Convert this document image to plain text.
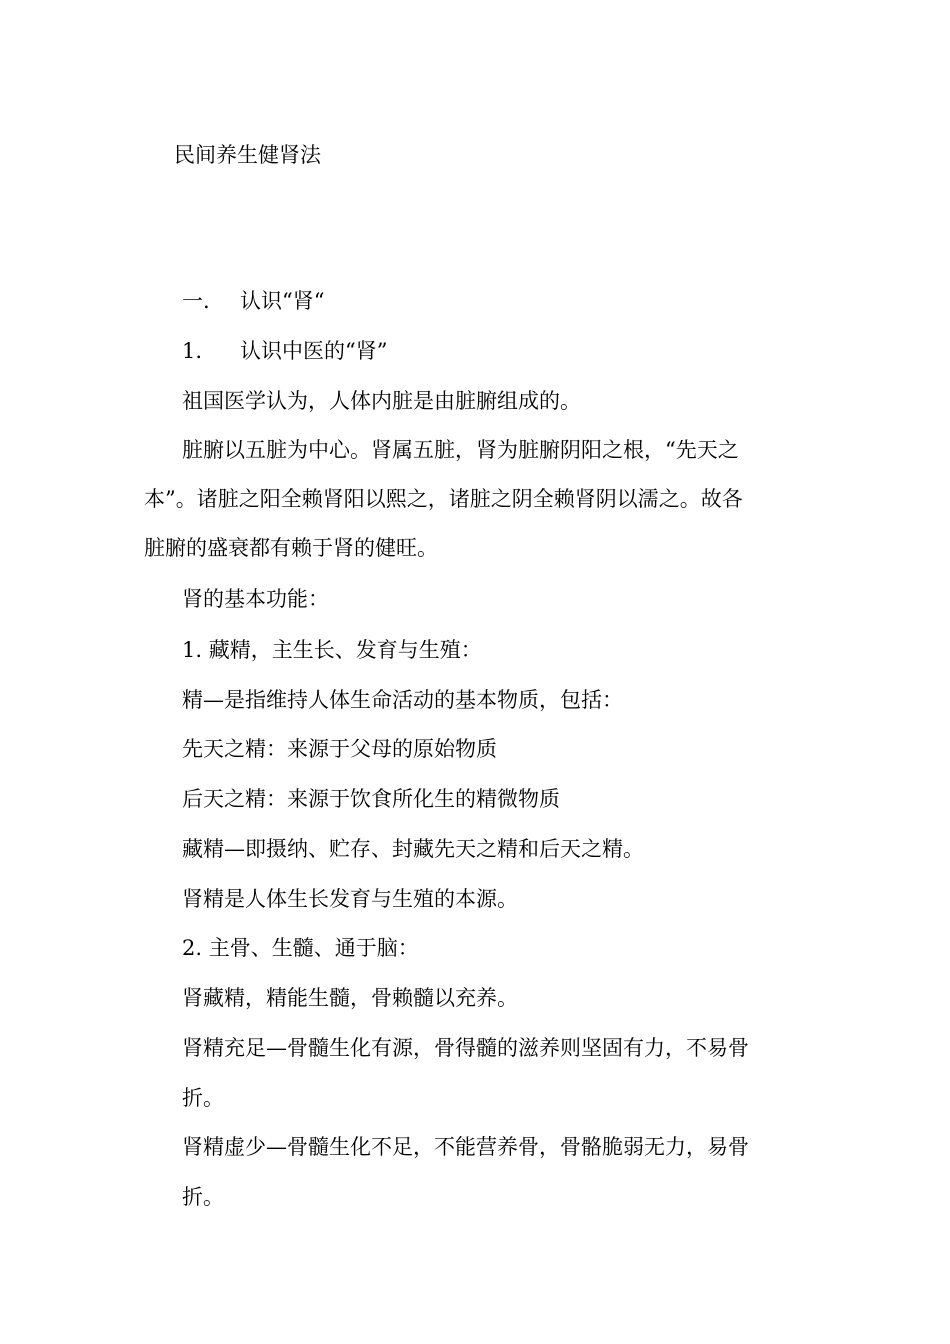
民间养生健肾法
一. 认识“肾“
1. 认识中医的“肾”
祖国医学认为，人体内脏是由脏腑组成的。
脏腑以五脏为中心。肾属五脏，肾为脏腑阴阳之根，“先天之
本”。诸脏之阳全赖肾阳以熙之，诸脏之阴全赖肾阴以濡之。故各
脏腑的盛衰都有赖于肾的健旺。
肾的基本功能：
1. 藏精，主生长、发育与生殖：
精—是指维持人体生命活动的基本物质，包括：
先天之精：来源于父母的原始物质
后天之精：来源于饮食所化生的精微物质
藏精—即摄纳、贮存、封藏先天之精和后天之精。
肾精是人体生长发育与生殖的本源。
2. 主骨、生髓、通于脑：
肾藏精，精能生髓，骨赖髓以充养。
肾精充足—骨髓生化有源，骨得髓的滋养则坚固有力，不易骨
折。
肾精虚少—骨髓生化不足，不能营养骨，骨骼脆弱无力，易骨
折。
